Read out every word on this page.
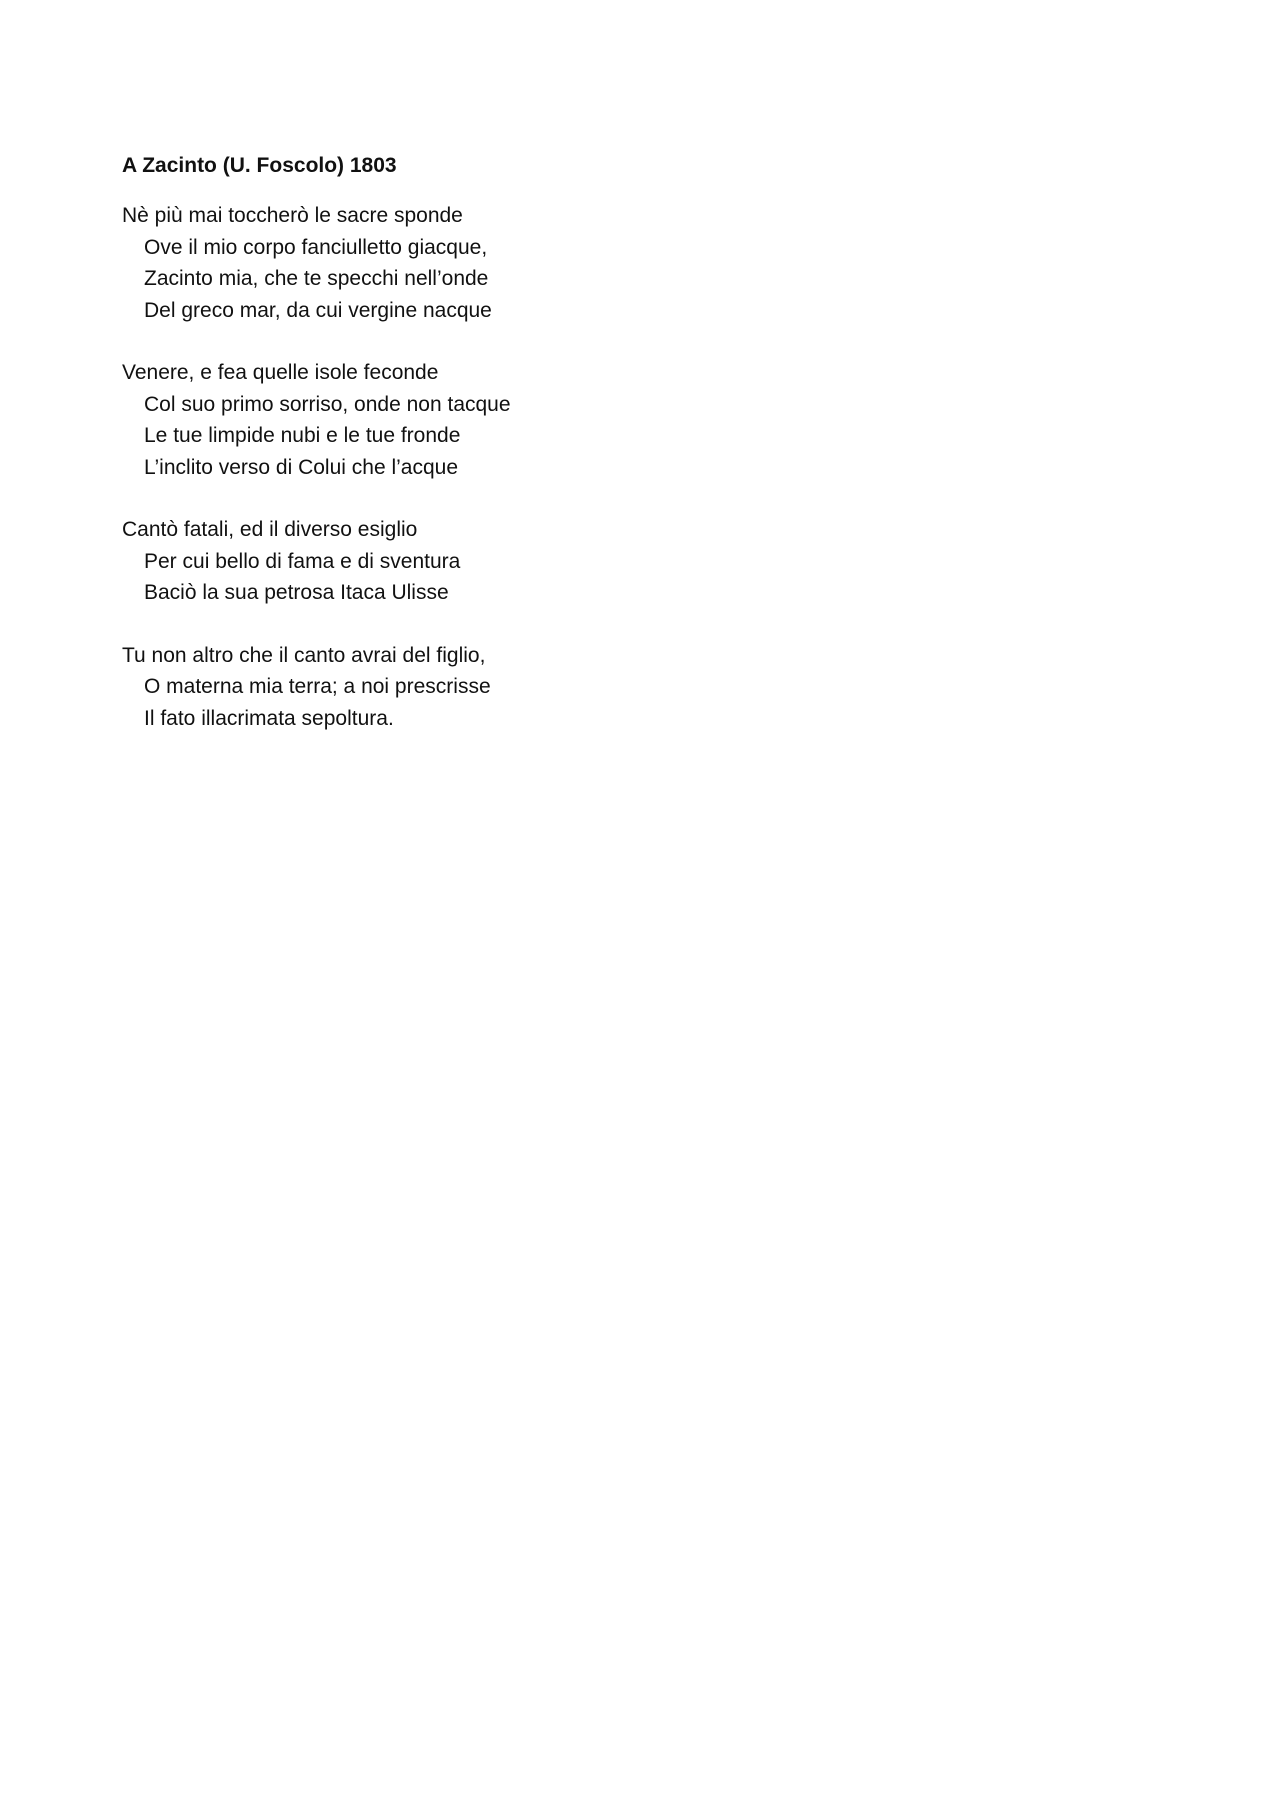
A Zacinto (U. Foscolo) 1803
Nè più mai toccherò le sacre sponde
Ove il mio corpo fanciulletto giacque,
Zacinto mia, che te specchi nell’onde
Del greco mar, da cui vergine nacque
Venere, e fea quelle isole feconde
Col suo primo sorriso, onde non tacque
Le tue limpide nubi e le tue fronde
L’inclito verso di Colui che l’acque
Cantò fatali, ed il diverso esiglio
Per cui bello di fama e di sventura
Baciò la sua petrosa Itaca Ulisse
Tu non altro che il canto avrai del figlio,
O materna mia terra; a noi prescrisse
Il fato illacrimata sepoltura.
